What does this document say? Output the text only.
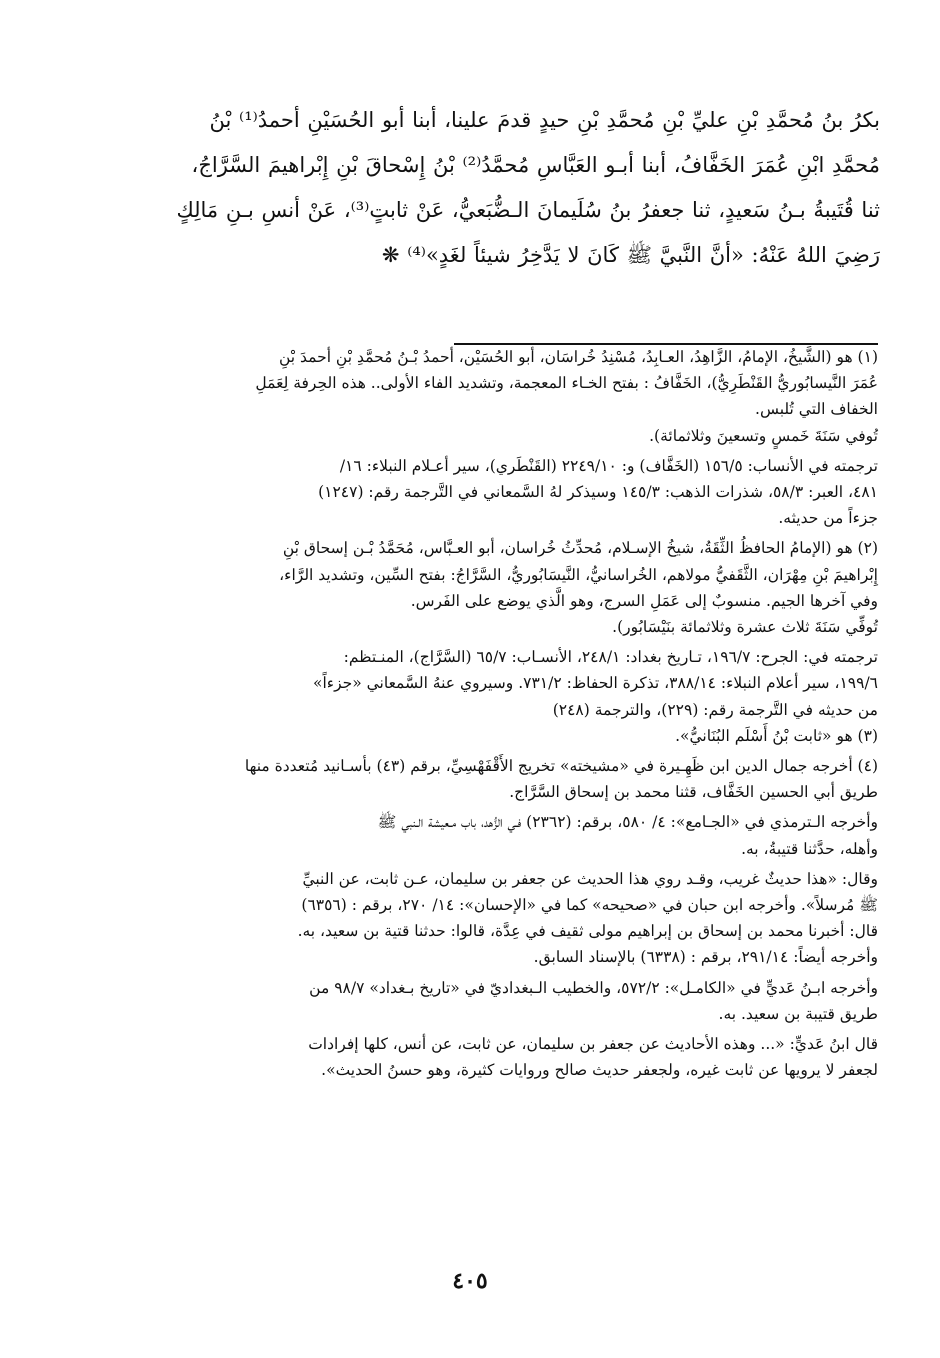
بكرُ بنُ مُحمَّدِ بْنِ عليِّ بْنِ مُحمَّدِ بْنِ حيدٍ قدمَ علينا، أبنا أبو الحُسَيْنِ أحمدُ⁽¹⁾ بْنُ

مُحمَّدِ ابْنِ عُمَرَ الخَفَّافُ، أبنا أبـو العَبَّاسِ مُحمَّدُ⁽²⁾ بْنُ إِسْحاقَ بْنِ إِبْراهيمَ السَّرَّاجُ،

ثنا قُتَيبةُ بـنُ سَعيدٍ، ثنا جعفرُ بنُ سُلَيمانَ الـضُّبَعيُّ، عَنْ ثابتٍ⁽³⁾، عَنْ أنسِ بـنِ مَالِكٍ

رَضِيَ اللهُ عَنْهُ: «أنَّ النَّبيَّ ﷺ كَانَ لا يَدَّخِرُ شيئاً لغَدٍ»⁽⁴⁾ ❋

(١) هو (الشَّيخُ، الإمامُ، الزَّاهِدُ، العـابِدُ، مُسْنِدُ خُراسَان، أبو الحُسَيْن، أحمدُ بْـنُ مُحمَّدِ بْنِ أحمدَ بْنِ

عُمَرَ النَّيسابُوريُّ القَنْطَرِيُّ)، الخَفَّافُ : بفتح الخـاء المعجمة، وتشديد الفاء الأولى.. هذه الحِرفة لِعَمَلِ

الخفاف التي تُلبس.

تُوفي سَنَةَ خَمسٍ وتسعينَ وثلاثمائة).

ترجمته في الأنساب: ١٥٦/٥ (الخَفَّاف) و: ٢٢٤٩/١٠ (القَنْطَري)، سير أعـلام النبلاء: ١٦/

٤٨١، العبر: ٥٨/٣، شذرات الذهب: ١٤٥/٣ وسيذكر لهُ السَّمعاني في التَّرجمة رقم: (١٢٤٧)

جزءاً من حديثه.

(٢) هو (الإمامُ الحافظُ الثِّقَةُ، شيخُ الإسـلام، مُحدِّثُ خُراسان، أبو العـبَّاس، مُحَمَّدُ بْـن إسحاق بْنِ

إِبْراهيمَ بْنِ مِهْرَان، الثَّقَفيُّ مولاهم، الخُراسانيُّ، النَّيسَابُوريُّ، السَّرَّاجُ: بفتح السِّين، وتشديد الرَّاء،

وفي آخرها الجيم. منسوبٌ إلى عَمَلِ السرج، وهو الَّذي يوضع على الفَرس.

تُوفِّي سَنَةَ ثلاث عشرة وثلاثمائة بنَيْسَابُور).

ترجمته في: الجرح: ١٩٦/٧، تـاريخ بغداد: ٢٤٨/١، الأنسـاب: ٦٥/٧ (السَّرَّاج)، المنـتظم:

١٩٩/٦، سير أعلام النبلاء: ٣٨٨/١٤، تذكرة الحفاظ: ٧٣١/٢. وسيروي عنهُ السَّمعاني «جزءاً»

من حديثه في التَّرجمة رقم: (٢٢٩)، والترجمة (٢٤٨)

(٣) هو «ثابت بْنُ أَسْلَم البُنَانيُّ».

(٤) أخرجه جمال الدين ابن ظَهِـيرة في «مشيخته» تخريج الأَقْفَهْسِيِّ، برقم (٤٣) بأسـانيد مُتعددة منها

طريق أبي الحسين الخَفَّاف، قثنا محمد بن إسحاق السَّرَّاج.

وأخرجه الـترمذي في «الجـامع»: ٤/ ٥٨٠، برقم: (٢٣٦٢) فـي الزُّهد، باب مـعيشة الـنبي ﷺ

وأهله، حدَّثنا قتيبةُ، به.

وقال: «هذا حديثٌ غريب، وقـد روي هذا الحديث عن جعفر بن سليمان، عـن ثابت، عن النبيِّ

ﷺ مُرسلاً». وأخرجه ابن حبان في «صحيحه» كما في «الإحسان»: ١٤/ ٢٧٠، برقم : (٦٣٥٦)

قال: أخبرنا محمد بن إسحاق بن إبراهيم مولى ثقيف في عِدَّة، قالوا: حدثنا قتية بن سعيد، به.

وأخرجه أيضاً: ٢٩١/١٤، برقم : (٦٣٣٨) بالإسناد السابق.

وأخرجه ابـنُ عَديٍّ في «الكامـل»: ٥٧٢/٢، والخطيب الـبغداديّ في «تاريخ بـغداد» ٩٨/٧ من

طريق قتيبة بن سعيد. به.

قال ابنُ عَديٍّ: «... وهذه الأحاديث عن جعفر بن سليمان، عن ثابت، عن أنس، كلها إفرادات

لجعفر لا يرويها عن ثابت غيره، ولجعفر حديث صالح وروايات كثيرة، وهو حسنُ الحديث».

٤٠٥
